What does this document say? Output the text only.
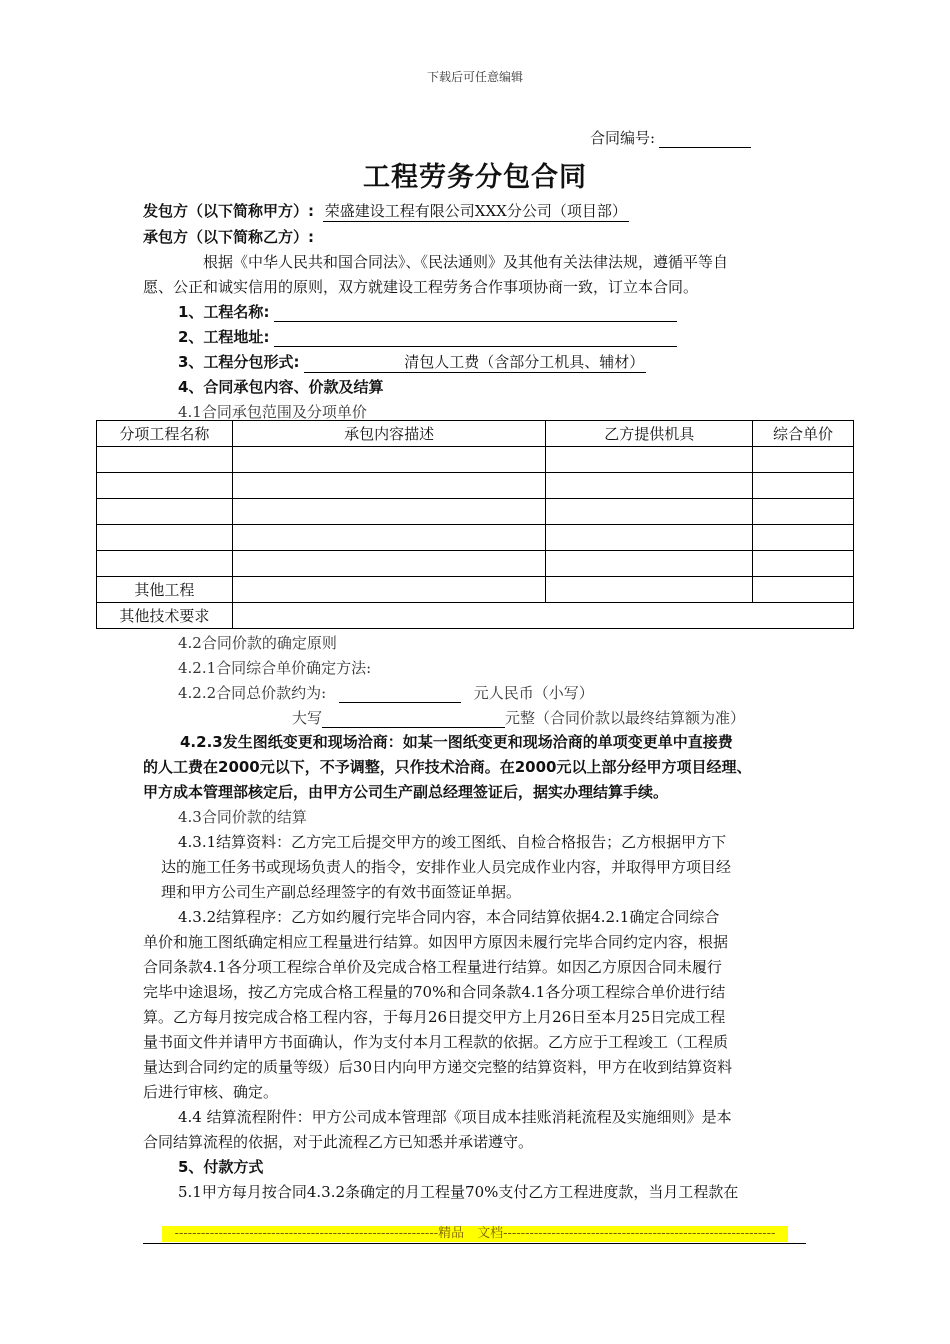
下载后可任意编辑
合同编号:
工程劳务分包合同
发包方（以下简称甲方）: 荣盛建设工程有限公司XXX分公司（项目部）
承包方（以下简称乙方）:
根据《中华人民共和国合同法》、《民法通则》及其他有关法律法规，遵循平等自
愿、公正和诚实信用的原则，双方就建设工程劳务合作事项协商一致，订立本合同。
1、工程名称:
2、工程地址:
3、工程分包形式:	清包人工费（含部分工机具、辅材）
4、合同承包内容、价款及结算
4.1合同承包范围及分项单价
分项工程名称	承包内容描述	乙方提供机具	综合单价

其他工程			
其他技术要求			
4.2合同价款的确定原则
4.2.1合同综合单价确定方法:
4.2.2合同总价款约为:	元人民币（小写）
大写	元整（合同价款以最终结算额为准）
4.2.3发生图纸变更和现场洽商：如某一图纸变更和现场洽商的单项变更单中直接费
的人工费在2000元以下，不予调整，只作技术洽商。在2000元以上部分经甲方项目经理、
甲方成本管理部核定后，由甲方公司生产副总经理签证后，据实办理结算手续。
4.3合同价款的结算
4.3.1结算资料：乙方完工后提交甲方的竣工图纸、自检合格报告；乙方根据甲方下
达的施工任务书或现场负责人的指令，安排作业人员完成作业内容，并取得甲方项目经
理和甲方公司生产副总经理签字的有效书面签证单据。
4.3.2结算程序：乙方如约履行完毕合同内容，本合同结算依据4.2.1确定合同综合
单价和施工图纸确定相应工程量进行结算。如因甲方原因未履行完毕合同约定内容，根据
合同条款4.1各分项工程综合单价及完成合格工程量进行结算。如因乙方原因合同未履行
完毕中途退场，按乙方完成合格工程量的70%和合同条款4.1各分项工程综合单价进行结
算。乙方每月按完成合格工程内容，于每月26日提交甲方上月26日至本月25日完成工程
量书面文件并请甲方书面确认，作为支付本月工程款的依据。乙方应于工程竣工（工程质
量达到合同约定的质量等级）后30日内向甲方递交完整的结算资料，甲方在收到结算资料
后进行审核、确定。
4.4 结算流程附件：甲方公司成本管理部《项目成本挂账消耗流程及实施细则》是本
合同结算流程的依据，对于此流程乙方已知悉并承诺遵守。
5、付款方式
5.1甲方每月按合同4.3.2条确定的月工程量70%支付乙方工程进度款，当月工程款在
------------------------------------------------------------精品　文档--------------------------------------------------------------
